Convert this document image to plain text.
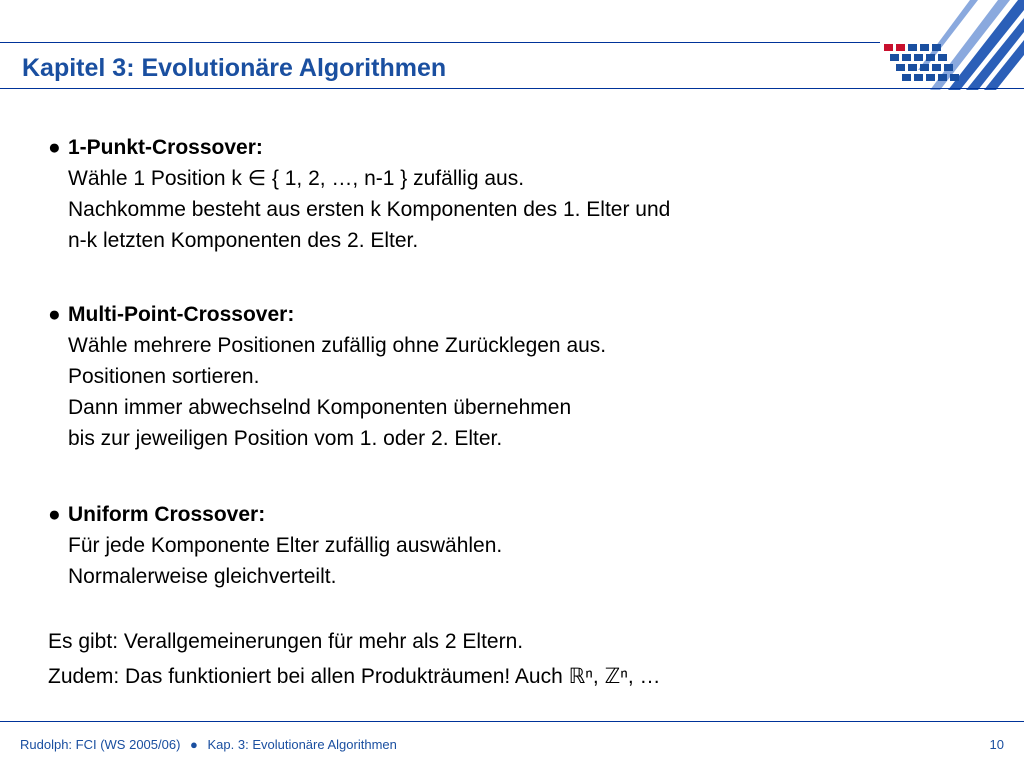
Kapitel 3: Evolutionäre Algorithmen
● 1-Punkt-Crossover:
Wähle 1 Position k ∈ { 1, 2, …, n-1 } zufällig aus.
Nachkomme besteht aus ersten k Komponenten des 1. Elter und
n-k letzten Komponenten des 2. Elter.
● Multi-Point-Crossover:
Wähle mehrere Positionen zufällig ohne Zurücklegen aus.
Positionen sortieren.
Dann immer abwechselnd Komponenten übernehmen
bis zur jeweiligen Position vom 1. oder 2. Elter.
● Uniform Crossover:
Für jede Komponente Elter zufällig auswählen.
Normalerweise gleichverteilt.
Es gibt: Verallgemeinerungen für mehr als 2 Eltern.
Zudem: Das funktioniert bei allen Produkträumen! Auch ℝⁿ, ℤⁿ, …
Rudolph: FCI (WS 2005/06) ● Kap. 3: Evolutionäre Algorithmen	10
